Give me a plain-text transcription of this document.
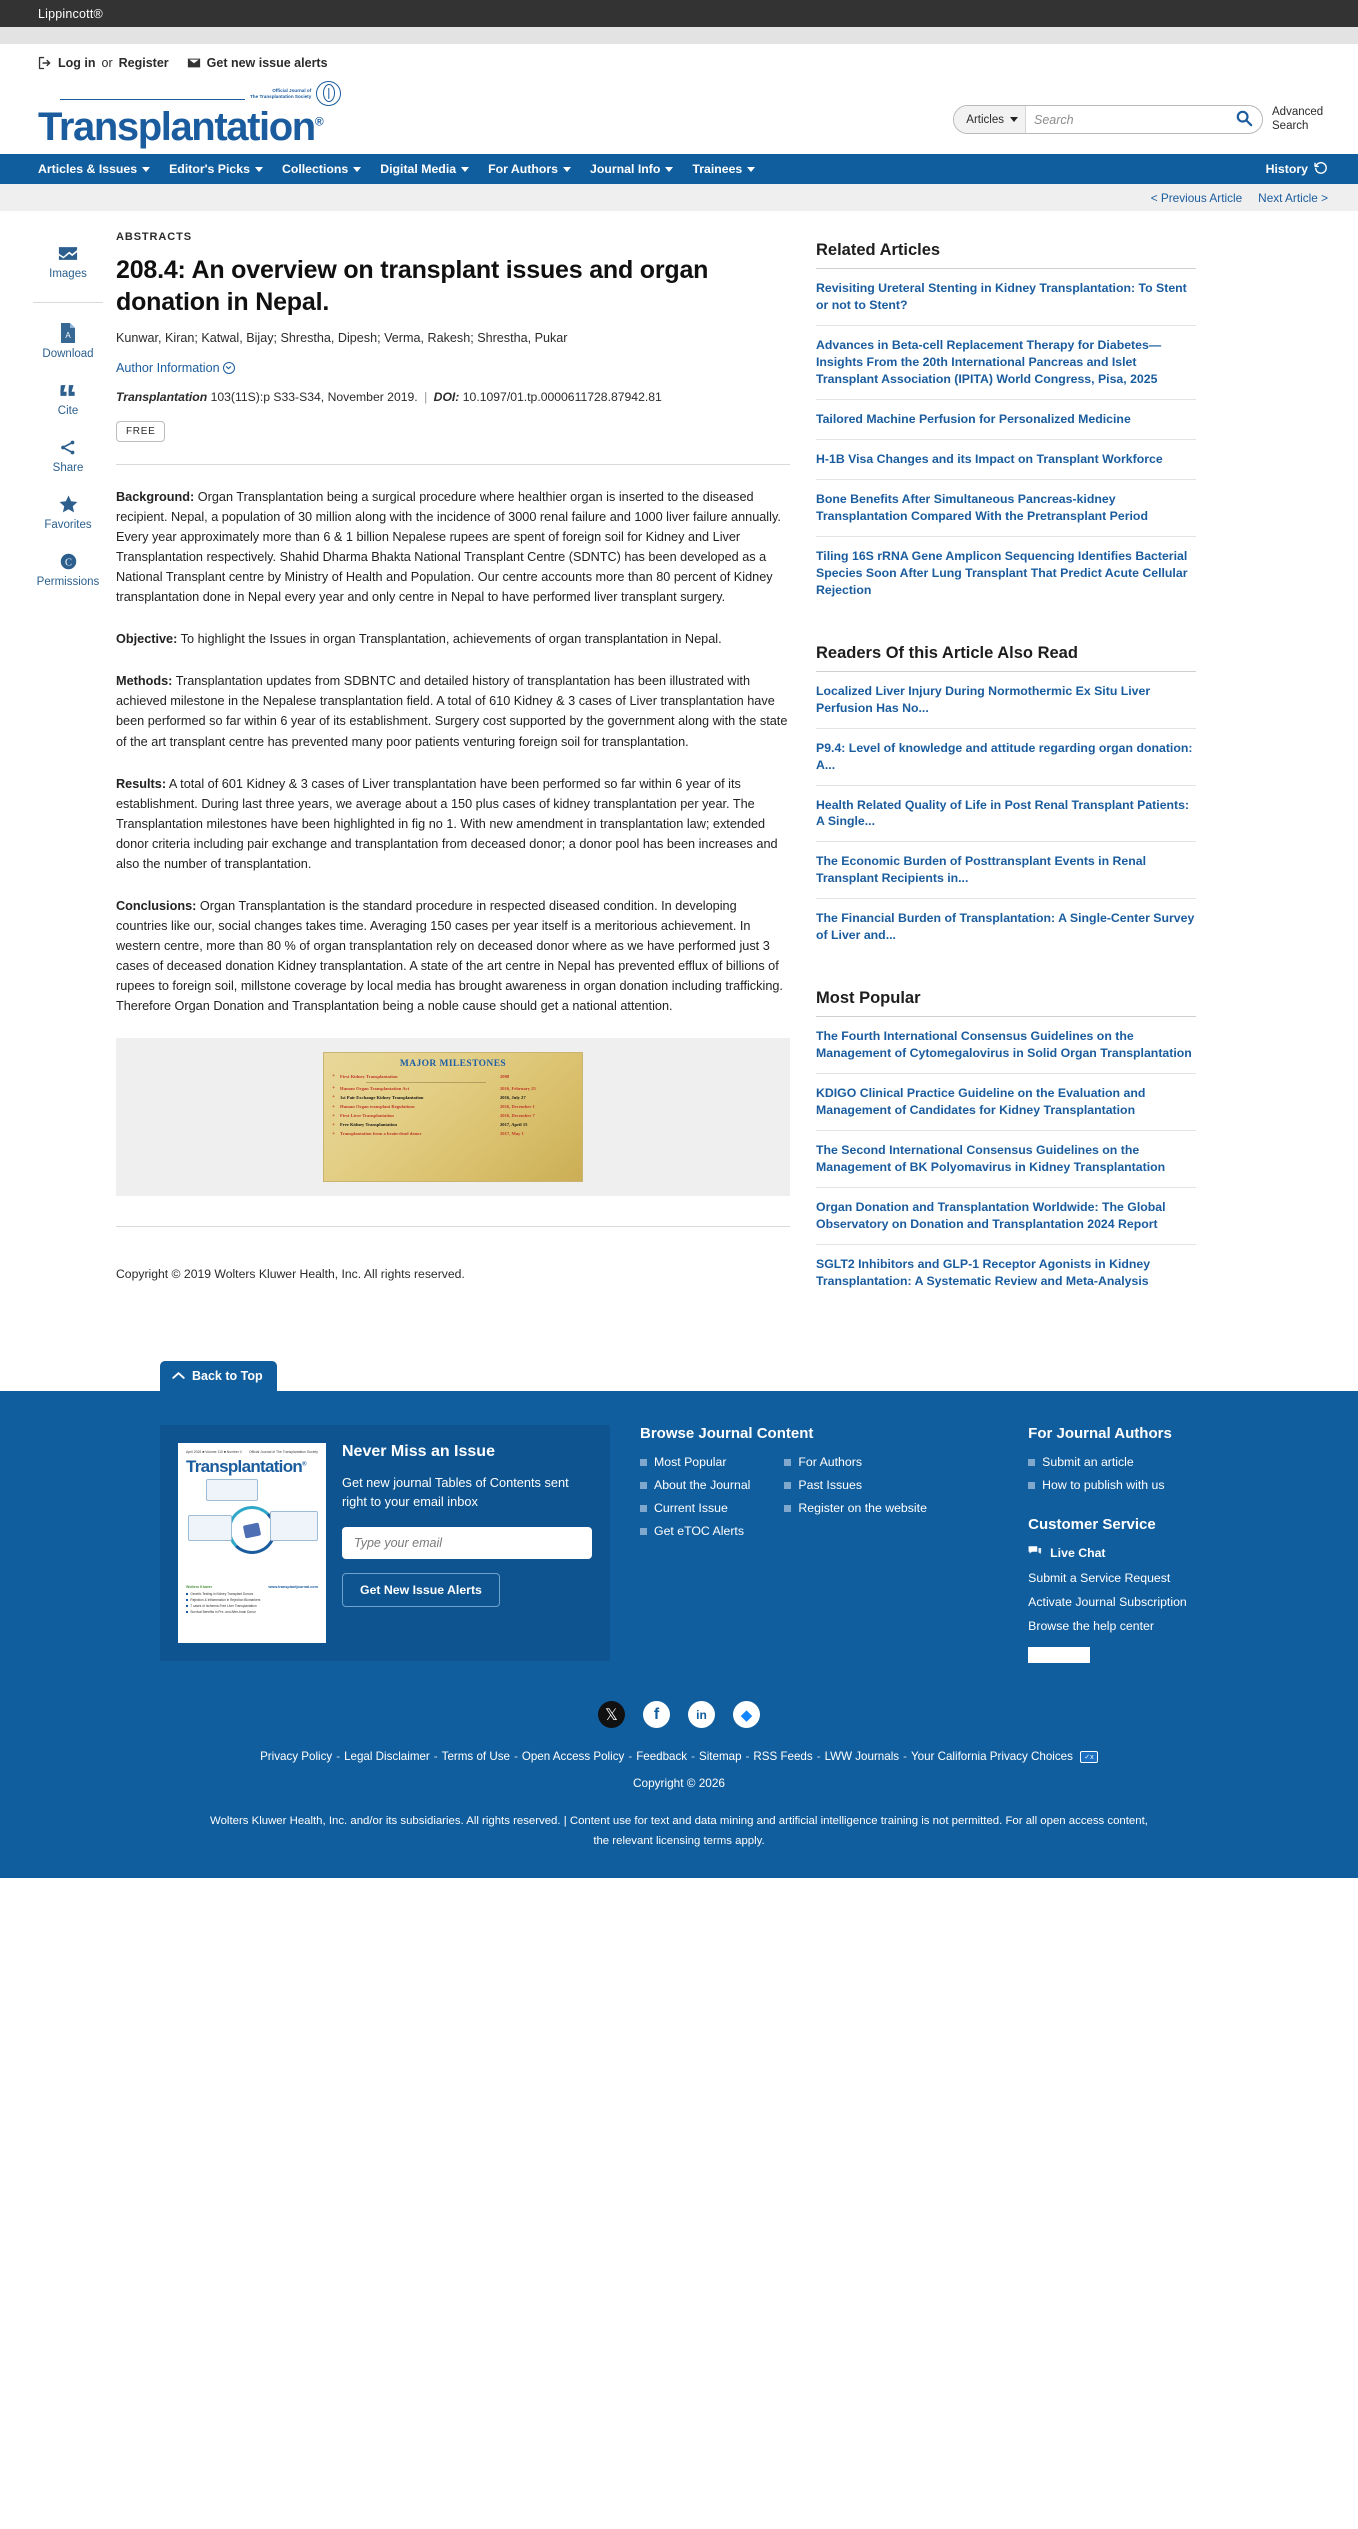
Lippincott®
Log in or Register	Get new issue alerts
Official Journal of
The Transplantation Society
Transplantation®	Articles
Search
Advanced
Search
Articles & Issues	Editor's Picks	Collections	Digital Media	For Authors	Journal Info	Trainees	History
< Previous Article Next Article >
Images
A
Download
Cite
Share
Favorites
C
Permissions
ABSTRACTS
208.4: An overview on transplant issues and organ donation in Nepal.
Kunwar, Kiran; Katwal, Bijay; Shrestha, Dipesh; Verma, Rakesh; Shrestha, Pukar
Author Information
Transplantation 103(11S):p S33-S34, November 2019. | DOI: 10.1097/01.tp.0000611728.87942.81
FREE

Background: Organ Transplantation being a surgical procedure where healthier organ is inserted to the diseased recipient. Nepal, a population of 30 million along with the incidence of 3000 renal failure and 1000 liver failure annually. Every year approximately more than 6 & 1 billion Nepalese rupees are spent of foreign soil for Kidney and Liver Transplantation respectively. Shahid Dharma Bhakta National Transplant Centre (SDNTC) has been developed as a National Transplant centre by Ministry of Health and Population. Our centre accounts more than 80 percent of Kidney transplantation done in Nepal every year and only centre in Nepal to have performed liver transplant surgery.

Objective: To highlight the Issues in organ Transplantation, achievements of organ transplantation in Nepal.

Methods: Transplantation updates from SDBNTC and detailed history of transplantation has been illustrated with achieved milestone in the Nepalese transplantation field. A total of 610 Kidney & 3 cases of Liver transplantation have been performed so far within 6 year of its establishment. Surgery cost supported by the government along with the state of the art transplant centre has prevented many poor patients venturing foreign soil for transplantation.

Results: A total of 601 Kidney & 3 cases of Liver transplantation have been performed so far within 6 year of its establishment. During last three years, we average about a 150 plus cases of kidney transplantation per year. The Transplantation milestones have been highlighted in fig no 1. With new amendment in transplantation law; extended donor criteria including pair exchange and transplantation from deceased donor; a donor pool has been increases and also the number of transplantation.

Conclusions: Organ Transplantation is the standard procedure in respected diseased condition. In developing countries like our, social changes takes time. Averaging 150 cases per year itself is a meritorious achievement. In western centre, more than 80 % of organ transplantation rely on deceased donor where as we have performed just 3 cases of deceased donation Kidney transplantation. A state of the art centre in Nepal has prevented efflux of billions of rupees to foreign soil, millstone coverage by local media has brought awareness in organ donation including trafficking. Therefore Organ Donation and Transplantation being a noble cause should get a national attention.

MAJOR MILESTONES
+	First Kidney Transplantation	2008
+	Human Organ Transplantation Act	2016, February 25
+	1st Pair Exchange Kidney Transplantation	2016, July 27
+	Human Organ transplant Regulations	2016, December 1
+	First Liver Transplantation	2016, December 7
+	Free Kidney Transplantation	2017, April 15
+	Transplantation from a brain-dead donor	2017, May 1
Copyright © 2019 Wolters Kluwer Health, Inc. All rights reserved.
Related Articles
Revisiting Ureteral Stenting in Kidney Transplantation: To Stent or not to Stent?
Advances in Beta-cell Replacement Therapy for Diabetes—Insights From the 20th International Pancreas and Islet Transplant Association (IPITA) World Congress, Pisa, 2025
Tailored Machine Perfusion for Personalized Medicine
H-1B Visa Changes and its Impact on Transplant Workforce
Bone Benefits After Simultaneous Pancreas-kidney Transplantation Compared With the Pretransplant Period
Tiling 16S rRNA Gene Amplicon Sequencing Identifies Bacterial Species Soon After Lung Transplant That Predict Acute Cellular Rejection
Readers Of this Article Also Read
Localized Liver Injury During Normothermic Ex Situ Liver Perfusion Has No...
P9.4: Level of knowledge and attitude regarding organ donation: A...
Health Related Quality of Life in Post Renal Transplant Patients: A Single...
The Economic Burden of Posttransplant Events in Renal Transplant Recipients in...
The Financial Burden of Transplantation: A Single-Center Survey of Liver and...
Most Popular
The Fourth International Consensus Guidelines on the Management of Cytomegalovirus in Solid Organ Transplantation
KDIGO Clinical Practice Guideline on the Evaluation and Management of Candidates for Kidney Transplantation
The Second International Consensus Guidelines on the Management of BK Polyomavirus in Kidney Transplantation
Organ Donation and Transplantation Worldwide: The Global Observatory on Donation and Transplantation 2024 Report
SGLT2 Inhibitors and GLP-1 Receptor Agonists in Kidney Transplantation: A Systematic Review and Meta-Analysis
Back to Top
April 2026 ■ Volume 110 ■ Number 4 Official Journal of The Transplantation Society
Transplantation®
Wolters Kluwer	www.transplantjournal.com
Genetic Testing in Kidney Transplant Donors
Rejection & Inflammation in Rejection Biomarkers
7 cases of Ischemia-Free Liver Transplantation
Survival Benefits in Pre- and After-brain Donor
Never Miss an Issue
Get new journal Tables of Contents sent right to your email inbox
Type your email Get New Issue Alerts
Browse Journal Content
Most Popular
About the Journal
Current Issue
Get eTOC Alerts
For Authors
Past Issues
Register on the website
For Journal Authors
Submit an article
How to publish with us
Customer Service
Live Chat
Submit a Service Request
Activate Journal Subscription
Browse the help center
𝕏 f	in ◆
Privacy Policy - Legal Disclaimer - Terms of Use - Open Access Policy - Feedback - Sitemap - RSS Feeds - LWW Journals - Your California Privacy Choices	✓x
Copyright © 2026
Wolters Kluwer Health, Inc. and/or its subsidiaries. All rights reserved. | Content use for text and data mining and artificial intelligence training is not permitted. For all open access content, the relevant licensing terms apply.
